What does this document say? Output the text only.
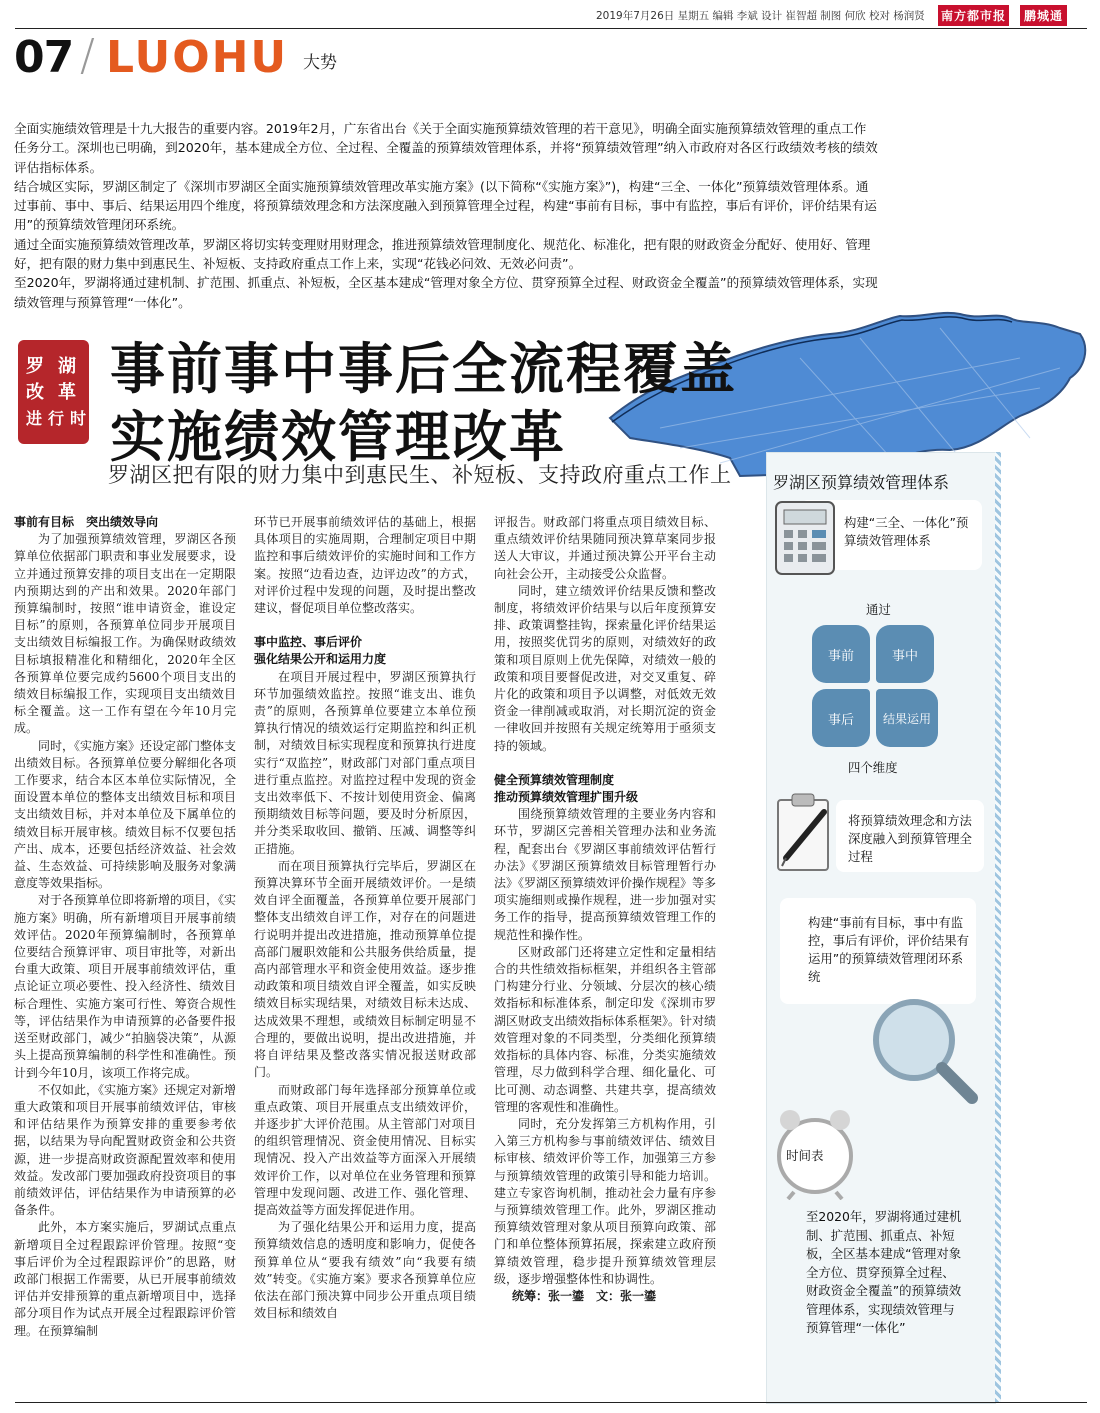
2019年7月26日 星期五 编辑 李斌 设计 崔智超 制图 何欣 校对 杨润贤 南方都市报	鹏城通
07 / LUOHU 大势

全面实施绩效管理是十九大报告的重要内容。2019年2月，广东省出台《关于全面实施预算绩效管理的若干意见》，明确全面实施预算绩效管理的重点工作任务分工。深圳也已明确，到2020年，基本建成全方位、全过程、全覆盖的预算绩效管理体系，并将“预算绩效管理”纳入市政府对各区行政绩效考核的绩效评估指标体系。

结合城区实际，罗湖区制定了《深圳市罗湖区全面实施预算绩效管理改革实施方案》(以下简称“《实施方案》”)，构建“三全、一体化”预算绩效管理体系。通过事前、事中、事后、结果运用四个维度，将预算绩效理念和方法深度融入到预算管理全过程，构建“事前有目标，事中有监控，事后有评价，评价结果有运用”的预算绩效管理闭环系统。

通过全面实施预算绩效管理改革，罗湖区将切实转变理财用财理念，推进预算绩效管理制度化、规范化、标准化，把有限的财政资金分配好、使用好、管理好，把有限的财力集中到惠民生、补短板、支持政府重点工作上来，实现“花钱必问效、无效必问责”。

至2020年，罗湖将通过建机制、扩范围、抓重点、补短板，全区基本建成“管理对象全方位、贯穿预算全过程、财政资金全覆盖”的预算绩效管理体系，实现绩效管理与预算管理“一体化”。

罗 湖
改 革
进 行 时
事前事中事后全流程覆盖
实施绩效管理改革
罗湖区把有限的财力集中到惠民生、补短板、支持政府重点工作上

事前有目标　突出绩效导向

为了加强预算绩效管理，罗湖区各预算单位依据部门职责和事业发展要求，设立并通过预算安排的项目支出在一定期限内预期达到的产出和效果。2020年部门预算编制时，按照“谁申请资金，谁设定目标”的原则，各预算单位同步开展项目支出绩效目标编报工作。为确保财政绩效目标填报精准化和精细化，2020年全区各预算单位要完成约5600个项目支出的绩效目标编报工作，实现项目支出绩效目标全覆盖。这一工作有望在今年10月完成。

同时，《实施方案》还设定部门整体支出绩效目标。各预算单位要分解细化各项工作要求，结合本区本单位实际情况，全面设置本单位的整体支出绩效目标和项目支出绩效目标，并对本单位及下属单位的绩效目标开展审核。绩效目标不仅要包括产出、成本，还要包括经济效益、社会效益、生态效益、可持续影响及服务对象满意度等效果指标。

对于各预算单位即将新增的项目，《实施方案》明确，所有新增项目开展事前绩效评估。2020年预算编制时，各预算单位要结合预算评审、项目审批等，对新出台重大政策、项目开展事前绩效评估，重点论证立项必要性、投入经济性、绩效目标合理性、实施方案可行性、筹资合规性等，评估结果作为申请预算的必备要件报送至财政部门，减少“拍脑袋决策”，从源头上提高预算编制的科学性和准确性。预计到今年10月，该项工作将完成。

不仅如此，《实施方案》还规定对新增重大政策和项目开展事前绩效评估，审核和评估结果作为预算安排的重要参考依据，以结果为导向配置财政资金和公共资源，进一步提高财政资源配置效率和使用效益。发改部门要加强政府投资项目的事前绩效评估，评估结果作为申请预算的必备条件。

此外，本方案实施后，罗湖试点重点新增项目全过程跟踪评价管理。按照“变事后评价为全过程跟踪评价”的思路，财政部门根据工作需要，从已开展事前绩效评估并安排预算的重点新增项目中，选择部分项目作为试点开展全过程跟踪评价管理。在预算编制

环节已开展事前绩效评估的基础上，根据具体项目的实施周期，合理制定项目中期监控和事后绩效评价的实施时间和工作方案。按照“边看边查，边评边改”的方式，对评价过程中发现的问题，及时提出整改建议，督促项目单位整改落实。

事中监控、事后评价

强化结果公开和运用力度

在项目开展过程中，罗湖区预算执行环节加强绩效监控。按照“谁支出、谁负责”的原则，各预算单位要建立本单位预算执行情况的绩效运行定期监控和纠正机制，对绩效目标实现程度和预算执行进度实行“双监控”，财政部门对部门重点项目进行重点监控。对监控过程中发现的资金支出效率低下、不按计划使用资金、偏离预期绩效目标等问题，要及时分析原因，并分类采取收回、撤销、压减、调整等纠正措施。

而在项目预算执行完毕后，罗湖区在预算决算环节全面开展绩效评价。一是绩效自评全面覆盖，各预算单位要开展部门整体支出绩效自评工作，对存在的问题进行说明并提出改进措施，推动预算单位提高部门履职效能和公共服务供给质量，提高内部管理水平和资金使用效益。逐步推动政策和项目绩效自评全覆盖，如实反映绩效目标实现结果，对绩效目标未达成、达成效果不理想，或绩效目标制定明显不合理的，要做出说明，提出改进措施，并将自评结果及整改落实情况报送财政部门。

而财政部门每年选择部分预算单位或重点政策、项目开展重点支出绩效评价，并逐步扩大评价范围。从主管部门对项目的组织管理情况、资金使用情况、目标实现情况、投入产出效益等方面深入开展绩效评价工作，以对单位在业务管理和预算管理中发现问题、改进工作、强化管理、提高效益等方面发挥促进作用。

为了强化结果公开和运用力度，提高预算绩效信息的透明度和影响力，促使各预算单位从“要我有绩效”向“我要有绩效”转变。《实施方案》要求各预算单位应依法在部门预决算中同步公开重点项目绩效目标和绩效自

评报告。财政部门将重点项目绩效目标、重点绩效评价结果随同预决算草案同步报送人大审议，并通过预决算公开平台主动向社会公开，主动接受公众监督。

同时，建立绩效评价结果反馈和整改制度，将绩效评价结果与以后年度预算安排、政策调整挂钩，探索量化评价结果运用，按照奖优罚劣的原则，对绩效好的政策和项目原则上优先保障，对绩效一般的政策和项目要督促改进，对交叉重复、碎片化的政策和项目予以调整，对低效无效资金一律削减或取消，对长期沉淀的资金一律收回并按照有关规定统筹用于亟须支持的领域。

健全预算绩效管理制度

推动预算绩效管理扩围升级

围绕预算绩效管理的主要业务内容和环节，罗湖区完善相关管理办法和业务流程，配套出台《罗湖区事前绩效评估暂行办法》《罗湖区预算绩效目标管理暂行办法》《罗湖区预算绩效评价操作规程》等多项实施细则或操作规程，进一步加强对实务工作的指导，提高预算绩效管理工作的规范性和操作性。

区财政部门还将建立定性和定量相结合的共性绩效指标框架，并组织各主管部门构建分行业、分领域、分层次的核心绩效指标和标准体系，制定印发《深圳市罗湖区财政支出绩效指标体系框架》。针对绩效管理对象的不同类型，分类细化预算绩效指标的具体内容、标准，分类实施绩效管理，尽力做到科学合理、细化量化、可比可测、动态调整、共建共享，提高绩效管理的客观性和准确性。

同时，充分发挥第三方机构作用，引入第三方机构参与事前绩效评估、绩效目标审核、绩效评价等工作，加强第三方参与预算绩效管理的政策引导和能力培训。建立专家咨询机制，推动社会力量有序参与预算绩效管理工作。此外，罗湖区推动预算绩效管理对象从项目预算向政策、部门和单位整体预算拓展，探索建立政府预算绩效管理，稳步提升预算绩效管理层级，逐步增强整体性和协调性。

统筹：张一鎏　文：张一鎏

罗湖区预算绩效管理体系
构建“三全、一体化”预算绩效管理体系
通过
事前	事中
事后	结果运用
四个维度
将预算绩效理念和方法深度融入到预算管理全过程
构建“事前有目标，事中有监控，事后有评价，评价结果有运用”的预算绩效管理闭环系统
时间表
至2020年，罗湖将通过建机制、扩范围、抓重点、补短板，全区基本建成“管理对象全方位、贯穿预算全过程、财政资金全覆盖”的预算绩效管理体系，实现绩效管理与预算管理“一体化”
